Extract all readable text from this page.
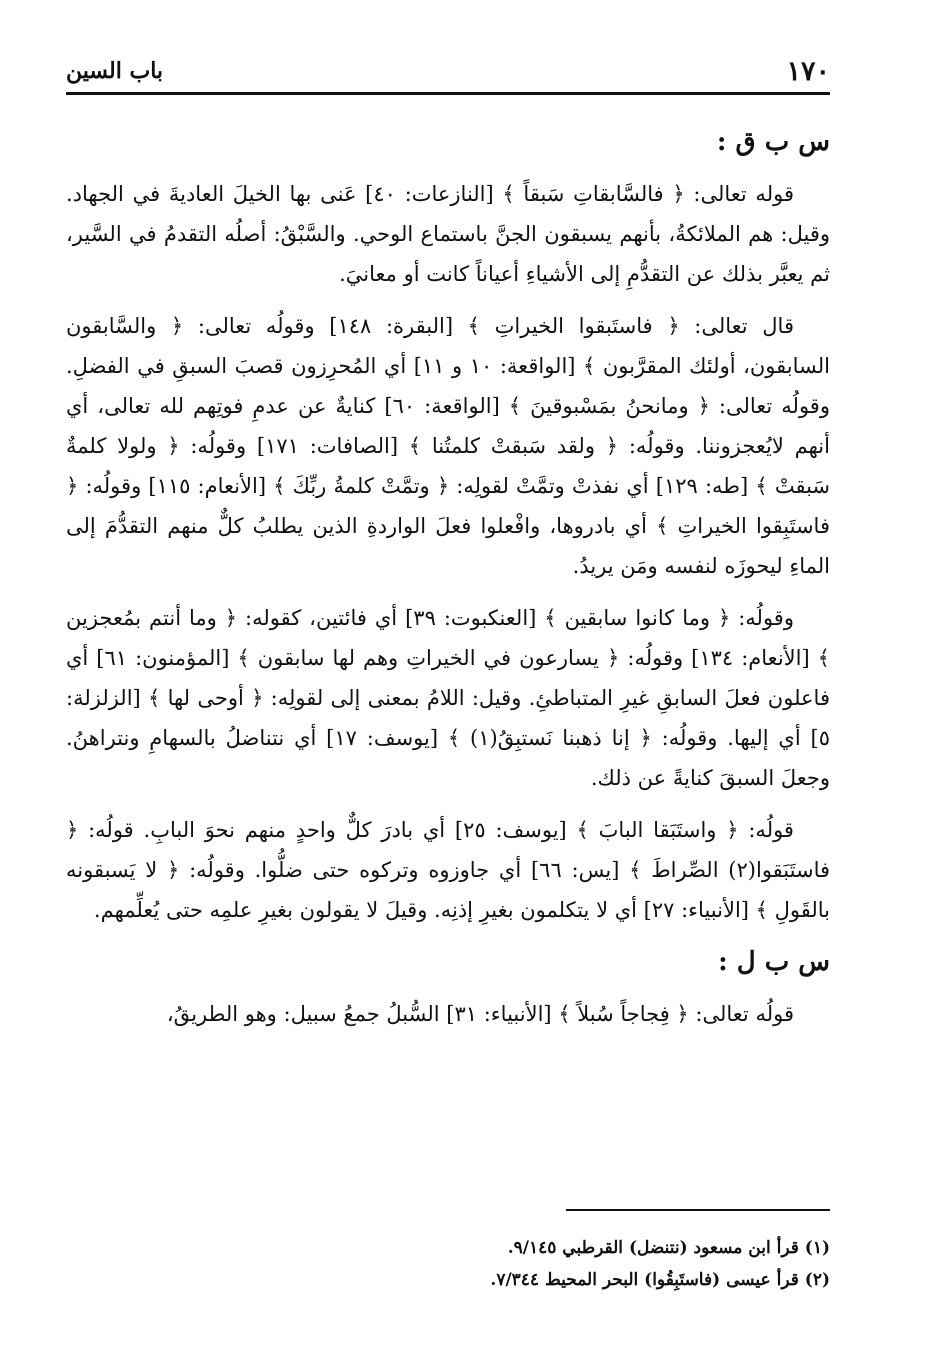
١٧٠
باب السين
س ب ق :

قوله تعالى: ﴿ فالسَّابقاتِ سَبقاً ﴾ [النازعات: ٤٠] عَنى بها الخيلَ العاديةَ في الجهاد. وقيل: هم الملائكةُ، بأنهم يسبقون الجنَّ باستماع الوحي. والسَّبْقُ: أصلُه التقدمُ في السَّير، ثم يعبَّر بذلك عن التقدُّمِ إلى الأشياءِ أعياناً كانت أو معانيَ.

قال تعالى: ﴿ فاستَبقوا الخيراتِ ﴾ [البقرة: ١٤٨] وقولُه تعالى: ﴿ والسَّابقون السابقون، أولئك المقرَّبون ﴾ [الواقعة: ١٠ و ١١] أي المُحرِزون قصبَ السبقِ في الفضلِ. وقولُه تعالى: ﴿ ومانحنُ بمَسْبوقينَ ﴾ [الواقعة: ٦٠] كنايةٌ عن عدمِ فوتِهم لله تعالى، أي أنهم لايُعجزوننا. وقولُه: ﴿ ولقد سَبقتْ كلمتُنا ﴾ [الصافات: ١٧١] وقولُه: ﴿ ولولا كلمةٌ سَبقتْ ﴾ [طه: ١٢٩] أي نفذتْ وتمَّتْ لقولِه: ﴿ وتمَّتْ كلمةُ ربِّكَ ﴾ [الأنعام: ١١٥] وقولُه: ﴿ فاستَبِقوا الخيراتِ ﴾ أي بادروها، وافْعلوا فعلَ الواردةِ الذين يطلبُ كلٌّ منهم التقدُّمَ إلى الماءِ ليحوزَه لنفسه ومَن يريدُ.

وقولُه: ﴿ وما كانوا سابقين ﴾ [العنكبوت: ٣٩] أي فائتين، كقوله: ﴿ وما أنتم بمُعجزين ﴾ [الأنعام: ١٣٤] وقولُه: ﴿ يسارعون في الخيراتِ وهم لها سابقون ﴾ [المؤمنون: ٦١] أي فاعلون فعلَ السابقِ غيرِ المتباطئِ. وقيل: اللامُ بمعنى إلى لقولِه: ﴿ أوحى لها ﴾ [الزلزلة: ٥] أي إليها. وقولُه: ﴿ إنا ذهبنا نَستبِقُ(١) ﴾ [يوسف: ١٧] أي نتناضلُ بالسهامِ ونتراهنُ. وجعلَ السبقَ كنايةً عن ذلك.

قولُه: ﴿ واستَبَقا البابَ ﴾ [يوسف: ٢٥] أي بادرَ كلٌّ واحدٍ منهم نحوَ البابِ. قولُه: ﴿ فاستَبَقوا(٢) الصِّراطَ ﴾ [يس: ٦٦] أي جاوزوه وتركوه حتى ضلُّوا. وقولُه: ﴿ لا يَسبقونه بالقَولِ ﴾ [الأنبياء: ٢٧] أي لا يتكلمون بغيرِ إذنِه. وقيلَ لا يقولون بغيرِ علمِه حتى يُعلِّمهم.

س ب ل :

قولُه تعالى: ﴿ فِجاجاً سُبلاً ﴾ [الأنبياء: ٣١] السُّبلُ جمعُ سبيل: وهو الطريقُ،

(١) قرأ ابن مسعود (نتنضل) القرطبي ٩/١٤٥.

(٢) قرأ عيسى (فاستَبِقُوا) البحر المحيط ٧/٣٤٤.
